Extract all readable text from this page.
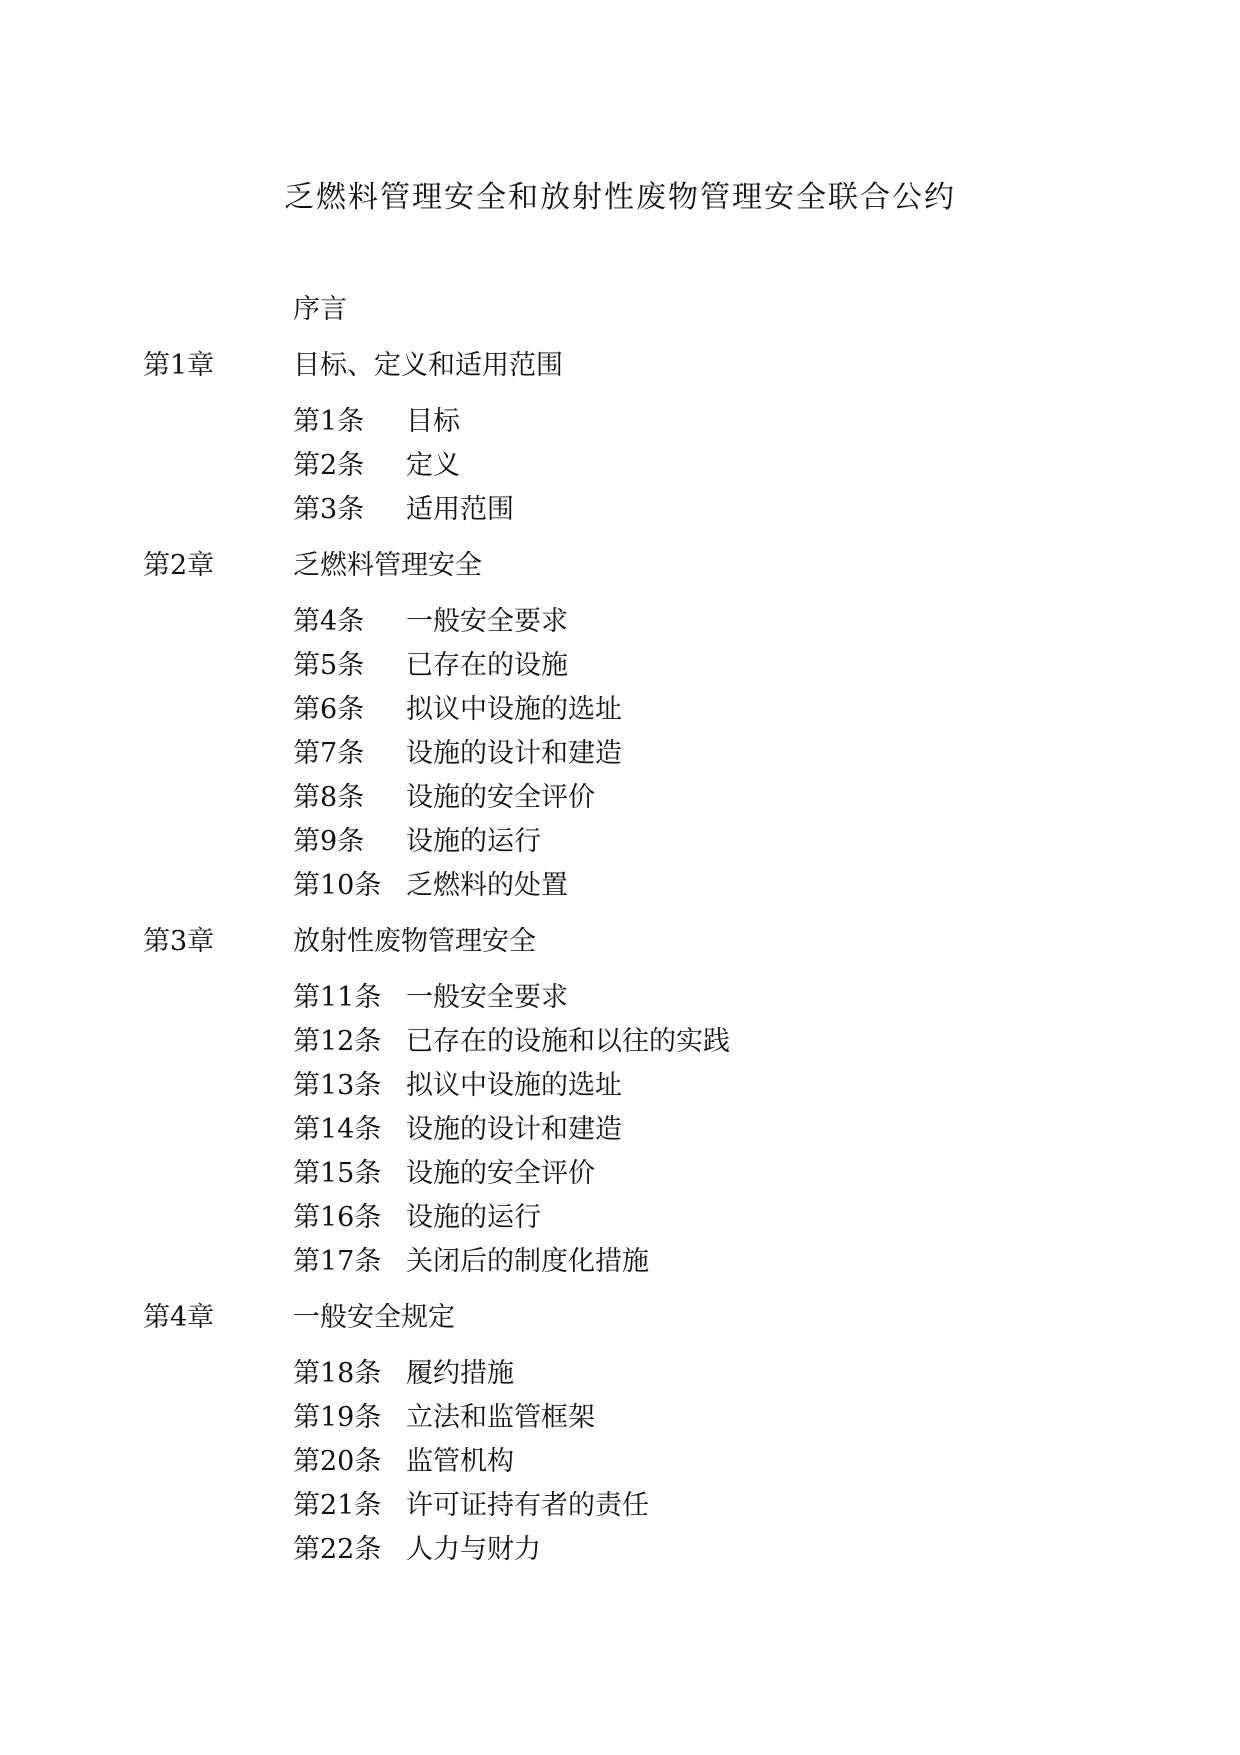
乏燃料管理安全和放射性废物管理安全联合公约
序言
第1章	目标、定义和适用范围
第1条 目标
第2条 定义
第3条 适用范围
第2章	乏燃料管理安全
第4条 一般安全要求
第5条 已存在的设施
第6条 拟议中设施的选址
第7条 设施的设计和建造
第8条 设施的安全评价
第9条 设施的运行
第10条 乏燃料的处置
第3章	放射性废物管理安全
第11条 一般安全要求
第12条 已存在的设施和以往的实践
第13条 拟议中设施的选址
第14条 设施的设计和建造
第15条 设施的安全评价
第16条 设施的运行
第17条 关闭后的制度化措施
第4章	一般安全规定
第18条 履约措施
第19条 立法和监管框架
第20条 监管机构
第21条 许可证持有者的责任
第22条 人力与财力
